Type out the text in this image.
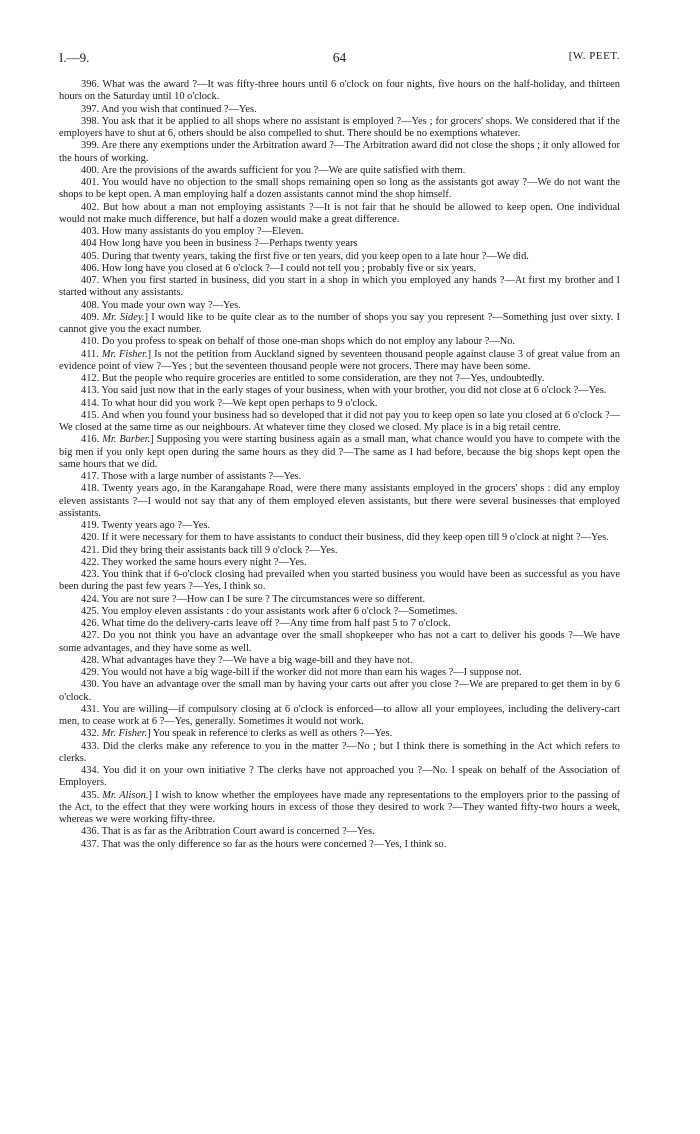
I.—9.	64	[W. PEET.

396. What was the award ?—It was fifty-three hours until 6 o'clock on four nights, five hours on the half-holiday, and thirteen hours on the Saturday until 10 o'clock.

397. And you wish that continued ?—Yes.

398. You ask that it be applied to all shops where no assistant is employed ?—Yes ; for grocers' shops. We considered that if the employers have to shut at 6, others should be also compelled to shut. There should be no exemptions whatever.

399. Are there any exemptions under the Arbitration award ?—The Arbitration award did not close the shops ; it only allowed for the hours of working.

400. Are the provisions of the awards sufficient for you ?—We are quite satisfied with them.

401. You would have no objection to the small shops remaining open so long as the assistants got away ?—We do not want the shops to be kept open. A man employing half a dozen assistants cannot mind the shop himself.

402. But how about a man not employing assistants ?—It is not fair that he should be allowed to keep open. One individual would not make much difference, but half a dozen would make a great difference.

403. How many assistants do you employ ?—Eleven.

404 How long have you been in business ?—Perhaps twenty years

405. During that twenty years, taking the first five or ten years, did you keep open to a late hour ?—We did.

406. How long have you closed at 6 o'clock ?—I could not tell you ; probably five or six years.

407. When you first started in business, did you start in a shop in which you employed any hands ?—At first my brother and I started without any assistants.

408. You made your own way ?—Yes.

409. Mr. Sidey.] I would like to be quite clear as to the number of shops you say you represent ?—Something just over sixty. I cannot give you the exact number.

410. Do you profess to speak on behalf of those one-man shops which do not employ any labour ?—No.

411. Mr. Fisher.] Is not the petition from Auckland signed by seventeen thousand people against clause 3 of great value from an evidence point of view ?—Yes ; but the seventeen thousand people were not grocers. There may have been some.

412. But the people who require groceries are entitled to some consideration, are they not ?—Yes, undoubtedly.

413. You said just now that in the early stages of your business, when with your brother, you did not close at 6 o'clock ?—Yes.

414. To what hour did you work ?—We kept open perhaps to 9 o'clock.

415. And when you found your business had so developed that it did not pay you to keep open so late you closed at 6 o'clock ?—We closed at the same time as our neighbours. At whatever time they closed we closed. My place is in a big retail centre.

416. Mr. Barber.] Supposing you were starting business again as a small man, what chance would you have to compete with the big men if you only kept open during the same hours as they did ?—The same as I had before, because the big shops kept open the same hours that we did.

417. Those with a large number of assistants ?—Yes.

418. Twenty years ago, in the Karangahape Road, were there many assistants employed in the grocers' shops : did any employ eleven assistants ?—I would not say that any of them employed eleven assistants, but there were several businesses that employed assistants.

419. Twenty years ago ?—Yes.

420. If it were necessary for them to have assistants to conduct their business, did they keep open till 9 o'clock at night ?—Yes.

421. Did they bring their assistants back till 9 o'clock ?—Yes.

422. They worked the same hours every night ?—Yes.

423. You think that if 6-o'clock closing had prevailed when you started business you would have been as successful as you have been during the past few years ?—Yes, I think so.

424. You are not sure ?—How can I be sure ? The circumstances were so different.

425. You employ eleven assistants : do your assistants work after 6 o'clock ?—Sometimes.

426. What time do the delivery-carts leave off ?—Any time from half past 5 to 7 o'clock.

427. Do you not think you have an advantage over the small shopkeeper who has not a cart to deliver his goods ?—We have some advantages, and they have some as well.

428. What advantages have they ?—We have a big wage-bill and they have not.

429. You would not have a big wage-bill if the worker did not more than earn his wages ?—I suppose not.

430. You have an advantage over the small man by having your carts out after you close ?—We are prepared to get them in by 6 o'clock.

431. You are willing—if compulsory closing at 6 o'clock is enforced—to allow all your employees, including the delivery-cart men, to cease work at 6 ?—Yes, generally. Sometimes it would not work.

432. Mr. Fisher.] You speak in reference to clerks as well as others ?—Yes.

433. Did the clerks make any reference to you in the matter ?—No ; but I think there is something in the Act which refers to clerks.

434. You did it on your own initiative ? The clerks have not approached you ?—No. I speak on behalf of the Association of Employers.

435. Mr. Alison.] I wish to know whether the employees have made any representations to the employers prior to the passing of the Act, to the effect that they were working hours in excess of those they desired to work ?—They wanted fifty-two hours a week, whereas we were working fifty-three.

436. That is as far as the Aribtration Court award is concerned ?—Yes.

437. That was the only difference so far as the hours were concerned ?—Yes, I think so.
